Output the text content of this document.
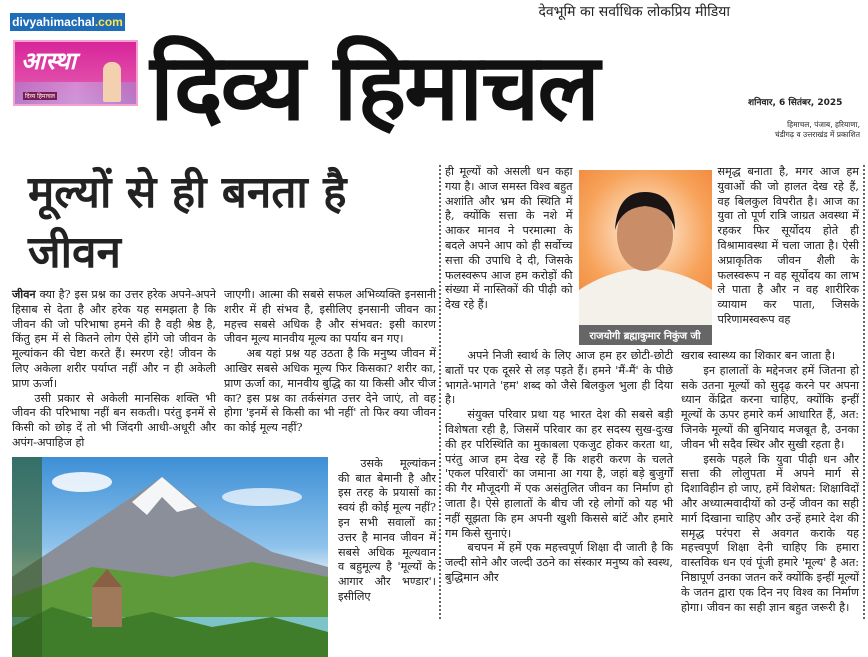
divyahimachal.com
आस्था
दिव्य हिमाचल
देवभूमि का सर्वाधिक लोकप्रिय मीडिया
दिव्य हिमाचल	शनिवार, 6 सितंबर, 2025
हिमाचल, पंजाब, हरियाणा,
चंडीगढ़ व उत्तराखंड में प्रकाशित
मूल्यों से ही बनता है जीवन

जीवन क्या है? इस प्रश्न का उत्तर हरेक अपने-अपने हिसाब से देता है और हरेक यह समझता है कि जीवन की जो परिभाषा हमने की है वही श्रेष्ठ है, किंतु हम में से कितने लोग ऐसे होंगे जो जीवन के मूल्यांकन की चेष्टा करते हैं। स्मरण रहे! जीवन के लिए अकेला शरीर पर्याप्त नहीं और न ही अकेली प्राण ऊर्जा।

उसी प्रकार से अकेली मानसिक शक्ति भी जीवन की परिभाषा नहीं बन सकती। परंतु इनमें से किसी को छोड़ दें तो भी जिंदगी आधी-अधूरी और अपंग-अपाहिज हो

जाएगी। आत्मा की सबसे सफल अभिव्यक्ति इनसानी शरीर में ही संभव है, इसीलिए इनसानी जीवन का महत्त्व सबसे अधिक है और संभवत: इसी कारण जीवन मूल्य मानवीय मूल्य का पर्याय बन गए।

अब यहां प्रश्न यह उठता है कि मनुष्य जीवन में आखिर सबसे अधिक मूल्य फिर किसका? शरीर का, प्राण ऊर्जा का, मानवीय बुद्धि का या किसी और चीज का? इस प्रश्न का तर्कसंगत उत्तर देने जाएं, तो वह होगा 'इनमें से किसी का भी नहीं' तो फिर क्या जीवन का कोई मूल्य नहीं?

उसके मूल्यांकन की बात बेमानी है और इस तरह के प्रयासों का स्वयं ही कोई मूल्य नहीं? इन सभी सवालों का उत्तर है मानव जीवन में सबसे अधिक मूल्यवान व बहुमूल्य है 'मूल्यों के आगार और भण्डार'। इसीलिए

ही मूल्यों को असली धन कहा गया है। आज समस्त विश्व बहुत अशांति और भ्रम की स्थिति में है, क्योंकि सत्ता के नशे में आकर मानव ने परमात्मा के बदले अपने आप को ही सर्वोच्च सत्ता की उपाधि दे दी, जिसके फलस्वरूप आज हम करोड़ों की संख्या में नास्तिकों की पीढ़ी को देख रहे हैं।

राजयोगी ब्रह्माकुमार निकुंज जी

समृद्ध बनाता है, मगर आज हम युवाओं की जो हालत देख रहे हैं, वह बिलकुल विपरीत है। आज का युवा तो पूर्ण रात्रि जाग्रत अवस्था में रहकर फिर सूर्योदय होते ही विश्रामावस्था में चला जाता है। ऐसी अप्राकृतिक जीवन शैली के फलस्वरूप न वह सूर्योदय का लाभ ले पाता है और न वह शारीरिक व्यायाम कर पाता, जिसके परिणामस्वरूप वह

अपने निजी स्वार्थ के लिए आज हम हर छोटी-छोटी बातों पर एक दूसरे से लड़ पड़ते हैं। हमने 'मैं-मैं' के पीछे भागते-भागते 'हम' शब्द को जैसे बिलकुल भुला ही दिया है।

संयुक्त परिवार प्रथा यह भारत देश की सबसे बड़ी विशेषता रही है, जिसमें परिवार का हर सदस्य सुख-दुःख की हर परिस्थिति का मुकाबला एकजुट होकर करता था, परंतु आज हम देख रहे हैं कि शहरी करण के चलते 'एकल परिवारों' का जमाना आ गया है, जहां बड़े बुजुर्गों की गैर मौजूदगी में एक असंतुलित जीवन का निर्माण हो जाता है। ऐसे हालातों के बीच जी रहे लोगों को यह भी नहीं सूझता कि हम अपनी खुशी किससे बांटें और हमारे गम किसे सुनाएं।

बचपन में हमें एक महत्त्वपूर्ण शिक्षा दी जाती है कि जल्दी सोने और जल्दी उठने का संस्कार मनुष्य को स्वस्थ, बुद्धिमान और

खराब स्वास्थ्य का शिकार बन जाता है।

इन हालातों के मद्देनजर हमें जितना हो सके उतना मूल्यों को सुदृढ़ करने पर अपना ध्यान केंद्रित करना चाहिए, क्योंकि इन्हीं मूल्यों के ऊपर हमारे कर्म आधारित हैं, अत: जिनके मूल्यों की बुनियाद मजबूत है, उनका जीवन भी सदैव स्थिर और सुखी रहता है।

इसके पहले कि युवा पीढ़ी धन और सत्ता की लोलुपता में अपने मार्ग से दिशाविहीन हो जाए, हमें विशेषत: शिक्षाविदों और अध्यात्मवादीयों को उन्हें जीवन का सही मार्ग दिखाना चाहिए और उन्हें हमारे देश की समृद्ध परंपरा से अवगत कराके यह महत्त्वपूर्ण शिक्षा देनी चाहिए कि हमारा वास्तविक धन एवं पूंजी हमारे 'मूल्य' है अत: निष्ठापूर्ण उनका जतन करें क्योंकि इन्हीं मूल्यों के जतन द्वारा एक दिन नए विश्व का निर्माण होगा। जीवन का सही ज्ञान बहुत जरूरी है।
